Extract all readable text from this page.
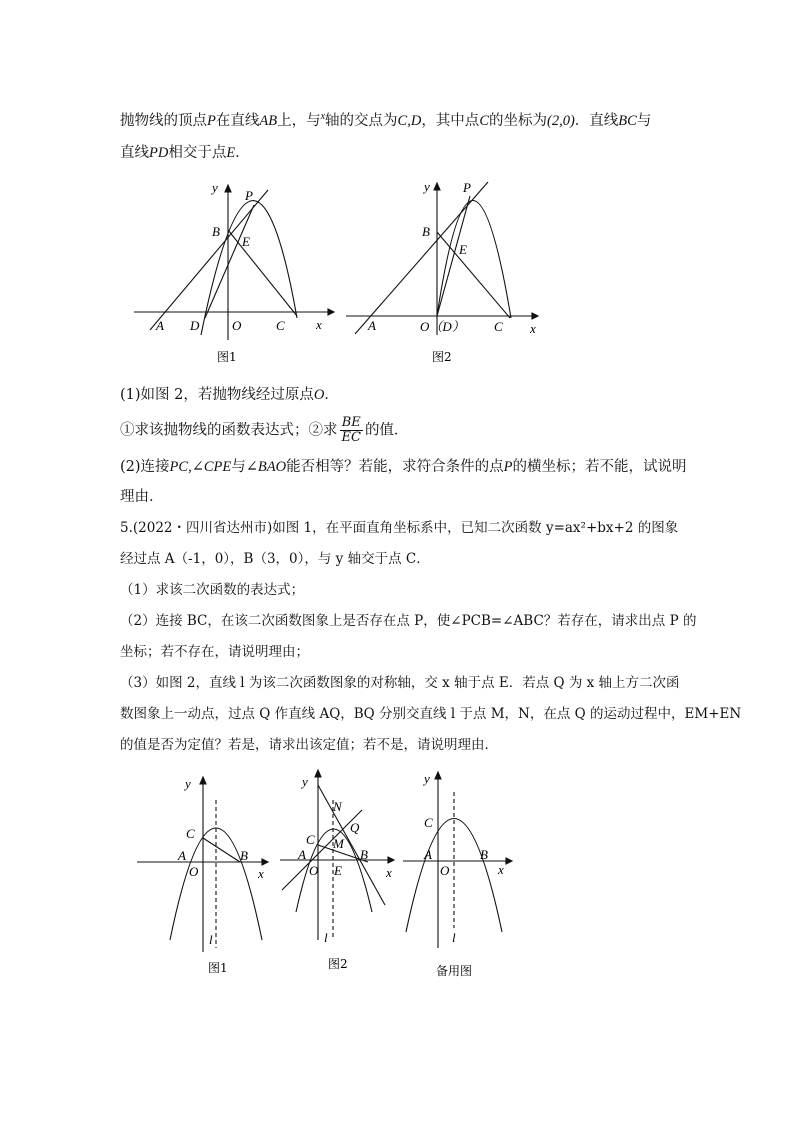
抛物线的顶点P在直线AB上，与$^x$轴的交点为C,D，其中点C的坐标为(2,0)．直线BC与
直线PD相交于点E．
y
P
B
E
A D	O	C x
图1
y	P
B
E
A	O（D） C x
图2
(1)如图 2，若抛物线经过原点O．
①求该抛物线的函数表达式；②求 $\frac{BE}{EC}$ 的值．
(2)连接PC,∠CPE与∠BAO能否相等？若能，求符合条件的点P的横坐标；若不能，试说明
理由．
5.(2022・四川省达州市)如图 1，在平面直角坐标系中，已知二次函数 y=ax²+bx+2 的图象
经过点 A（-1，0），B（3，0），与 y 轴交于点 C．
（1）求该二次函数的表达式；
（2）连接 BC，在该二次函数图象上是否存在点 P，使∠PCB=∠ABC？若存在，请求出点 P 的
坐标；若不存在，请说明理由；
（3）如图 2，直线 l 为该二次函数图象的对称轴，交 x 轴于点 E．若点 Q 为 x 轴上方二次函
数图象上一动点，过点 Q 作直线 AQ，BQ 分别交直线 l 于点 M，N，在点 Q 的运动过程中，EM+EN
的值是否为定值？若是，请求出该定值；若不是，请说明理由．
y
C
A	B
O	x
l
图1
y
N
Q
C M
A	B
O E	x
l
图2
y
C
A	B
O	x
l
备用图
